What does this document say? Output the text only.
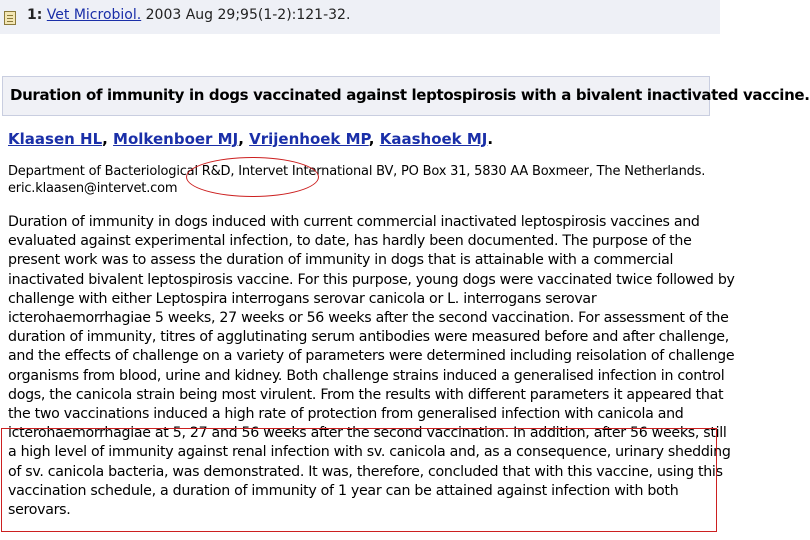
1: Vet Microbiol. 2003 Aug 29;95(1-2):121-32.
Duration of immunity in dogs vaccinated against leptospirosis with a bivalent inactivated vaccine.
Klaasen HL, Molkenboer MJ, Vrijenhoek MP, Kaashoek MJ.
Department of Bacteriological R&D, Intervet International BV, PO Box 31, 5830 AA Boxmeer, The Netherlands.
eric.klaasen@intervet.com

Duration of immunity in dogs induced with current commercial inactivated leptospirosis vaccines and
evaluated against experimental infection, to date, has hardly been documented. The purpose of the
present work was to assess the duration of immunity in dogs that is attainable with a commercial
inactivated bivalent leptospirosis vaccine. For this purpose, young dogs were vaccinated twice followed by
challenge with either Leptospira interrogans serovar canicola or L. interrogans serovar
icterohaemorrhagiae 5 weeks, 27 weeks or 56 weeks after the second vaccination. For assessment of the
duration of immunity, titres of agglutinating serum antibodies were measured before and after challenge,
and the effects of challenge on a variety of parameters were determined including reisolation of challenge
organisms from blood, urine and kidney. Both challenge strains induced a generalised infection in control
dogs, the canicola strain being most virulent. From the results with different parameters it appeared that
the two vaccinations induced a high rate of protection from generalised infection with canicola and
icterohaemorrhagiae at 5, 27 and 56 weeks after the second vaccination. In addition, after 56 weeks, still
a high level of immunity against renal infection with sv. canicola and, as a consequence, urinary shedding
of sv. canicola bacteria, was demonstrated. It was, therefore, concluded that with this vaccine, using this
vaccination schedule, a duration of immunity of 1 year can be attained against infection with both
serovars.
